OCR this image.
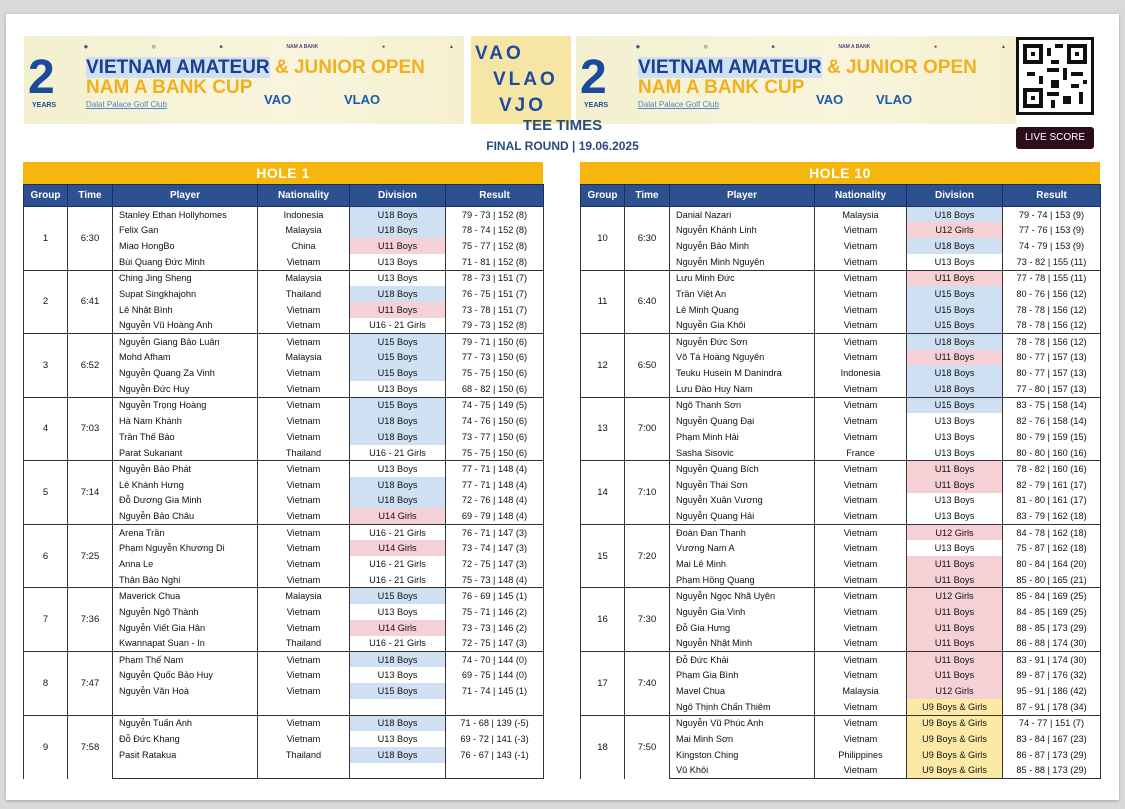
◆	◇	■	NAM A BANK	●	▲
2
YEARS
VIETNAM AMATEUR & JUNIOR OPEN
NAM A BANK CUP
Dalat Palace Golf Club	VAO	VLAO
VAO
VLAO
VJO
◆	◇	■	NAM A BANK	●	▲
2
YEARS
VIETNAM AMATEUR & JUNIOR OPEN
NAM A BANK CUP
Dalat Palace Golf Club	VAO	VLAO
LIVE SCORE
TEE TIMES
FINAL ROUND | 19.06.2025
HOLE 1
Group	Time	Player	Nationality	Division	Result
1	6:30	Stanley Ethan Hollyhomes	Indonesia	U18 Boys	79 - 73 | 152 (8)
		Felix Gan	Malaysia	U18 Boys	78 - 74 | 152 (8)
		Miao HongBo	China	U11 Boys	75 - 77 | 152 (8)
		Bùi Quang Đức Minh	Vietnam	U13 Boys	71 - 81 | 152 (8)
2	6:41	Ching Jing Sheng	Malaysia	U13 Boys	78 - 73 | 151 (7)
		Supat Singkhajohn	Thailand	U18 Boys	76 - 75 | 151 (7)
		Lê Nhật Bình	Vietnam	U11 Boys	73 - 78 | 151 (7)
		Nguyễn Vũ Hoàng Anh	Vietnam	U16 - 21 Girls	79 - 73 | 152 (8)
3	6:52	Nguyễn Giang Bảo Luân	Vietnam	U15 Boys	79 - 71 | 150 (6)
		Mohd Afham	Malaysia	U15 Boys	77 - 73 | 150 (6)
		Nguyễn Quang Za Vinh	Vietnam	U15 Boys	75 - 75 | 150 (6)
		Nguyễn Đức Huy	Vietnam	U13 Boys	68 - 82 | 150 (6)
4	7:03	Nguyễn Trọng Hoàng	Vietnam	U15 Boys	74 - 75 | 149 (5)
		Hà Nam Khánh	Vietnam	U18 Boys	74 - 76 | 150 (6)
		Trần Thế Bảo	Vietnam	U18 Boys	73 - 77 | 150 (6)
		Parat Sukanant	Thailand	U16 - 21 Girls	75 - 75 | 150 (6)
5	7:14	Nguyễn Bảo Phát	Vietnam	U13 Boys	77 - 71 | 148 (4)
		Lê Khánh Hưng	Vietnam	U18 Boys	77 - 71 | 148 (4)
		Đỗ Dương Gia Minh	Vietnam	U18 Boys	72 - 76 | 148 (4)
		Nguyễn Bảo Châu	Vietnam	U14 Girls	69 - 79 | 148 (4)
6	7:25	Arena Trần	Vietnam	U16 - 21 Girls	76 - 71 | 147 (3)
		Phạm Nguyễn Khương Di	Vietnam	U14 Girls	73 - 74 | 147 (3)
		Anna Le	Vietnam	U16 - 21 Girls	72 - 75 | 147 (3)
		Thân Bảo Nghi	Vietnam	U16 - 21 Girls	75 - 73 | 148 (4)
7	7:36	Maverick Chua	Malaysia	U15 Boys	76 - 69 | 145 (1)
		Nguyễn Ngô Thành	Vietnam	U13 Boys	75 - 71 | 146 (2)
		Nguyễn Viết Gia Hân	Vietnam	U14 Girls	73 - 73 | 146 (2)
		Kwannapat Suan - In	Thailand	U16 - 21 Girls	72 - 75 | 147 (3)
8	7:47	Phạm Thế Nam	Vietnam	U18 Boys	74 - 70 | 144 (0)
		Nguyễn Quốc Bảo Huy	Vietnam	U13 Boys	69 - 75 | 144 (0)
		Nguyễn Văn Hoà	Vietnam	U15 Boys	71 - 74 | 145 (1)

9	7:58	Nguyễn Tuấn Anh	Vietnam	U18 Boys	71 - 68 | 139 (-5)
		Đỗ Đức Khang	Vietnam	U13 Boys	69 - 72 | 141 (-3)
		Pasit Ratakua	Thailand	U18 Boys	76 - 67 | 143 (-1)

HOLE 10
Group	Time	Player	Nationality	Division	Result
10	6:30	Danial Nazari	Malaysia	U18 Boys	79 - 74 | 153 (9)
		Nguyễn Khánh Linh	Vietnam	U12 Girls	77 - 76 | 153 (9)
		Nguyễn Bảo Minh	Vietnam	U18 Boys	74 - 79 | 153 (9)
		Nguyễn Minh Nguyên	Vietnam	U13 Boys	73 - 82 | 155 (11)
11	6:40	Lưu Minh Đức	Vietnam	U11 Boys	77 - 78 | 155 (11)
		Trần Việt An	Vietnam	U15 Boys	80 - 76 | 156 (12)
		Lê Minh Quang	Vietnam	U15 Boys	78 - 78 | 156 (12)
		Nguyễn Gia Khôi	Vietnam	U15 Boys	78 - 78 | 156 (12)
12	6:50	Nguyễn Đức Sơn	Vietnam	U18 Boys	78 - 78 | 156 (12)
		Võ Tá Hoàng Nguyên	Vietnam	U11 Boys	80 - 77 | 157 (13)
		Teuku Husein M Danindra	Indonesia	U18 Boys	80 - 77 | 157 (13)
		Lưu Đào Huy Nam	Vietnam	U18 Boys	77 - 80 | 157 (13)
13	7:00	Ngô Thanh Sơn	Vietnam	U15 Boys	83 - 75 | 158 (14)
		Nguyễn Quang Đại	Vietnam	U13 Boys	82 - 76 | 158 (14)
		Phạm Minh Hải	Vietnam	U13 Boys	80 - 79 | 159 (15)
		Sasha Sisovic	France	U13 Boys	80 - 80 | 160 (16)
14	7:10	Nguyễn Quang Bích	Vietnam	U11 Boys	78 - 82 | 160 (16)
		Nguyễn Thái Sơn	Vietnam	U11 Boys	82 - 79 | 161 (17)
		Nguyễn Xuân Vương	Vietnam	U13 Boys	81 - 80 | 161 (17)
		Nguyễn Quang Hải	Vietnam	U13 Boys	83 - 79 | 162 (18)
15	7:20	Đoàn Đan Thanh	Vietnam	U12 Girls	84 - 78 | 162 (18)
		Vương Nam A	Vietnam	U13 Boys	75 - 87 | 162 (18)
		Mai Lê Minh	Vietnam	U11 Boys	80 - 84 | 164 (20)
		Phạm Hồng Quang	Vietnam	U11 Boys	85 - 80 | 165 (21)
16	7:30	Nguyễn Ngọc Nhã Uyên	Vietnam	U12 Girls	85 - 84 | 169 (25)
		Nguyễn Gia Vinh	Vietnam	U11 Boys	84 - 85 | 169 (25)
		Đỗ Gia Hưng	Vietnam	U11 Boys	88 - 85 | 173 (29)
		Nguyễn Nhật Minh	Vietnam	U11 Boys	86 - 88 | 174 (30)
17	7:40	Đỗ Đức Khải	Vietnam	U11 Boys	83 - 91 | 174 (30)
		Phạm Gia Bình	Vietnam	U11 Boys	89 - 87 | 176 (32)
		Mavel Chua	Malaysia	U12 Girls	95 - 91 | 186 (42)
		Ngô Thịnh Chấn Thiêm	Vietnam	U9 Boys & Girls	87 - 91 | 178 (34)
18	7:50	Nguyễn Vũ Phúc Anh	Vietnam	U9 Boys & Girls	74 - 77 | 151 (7)
		Mai Minh Sơn	Vietnam	U9 Boys & Girls	83 - 84 | 167 (23)
		Kingston Ching	Philippines	U9 Boys & Girls	86 - 87 | 173 (29)
		Vũ Khôi	Vietnam	U9 Boys & Girls	85 - 88 | 173 (29)
